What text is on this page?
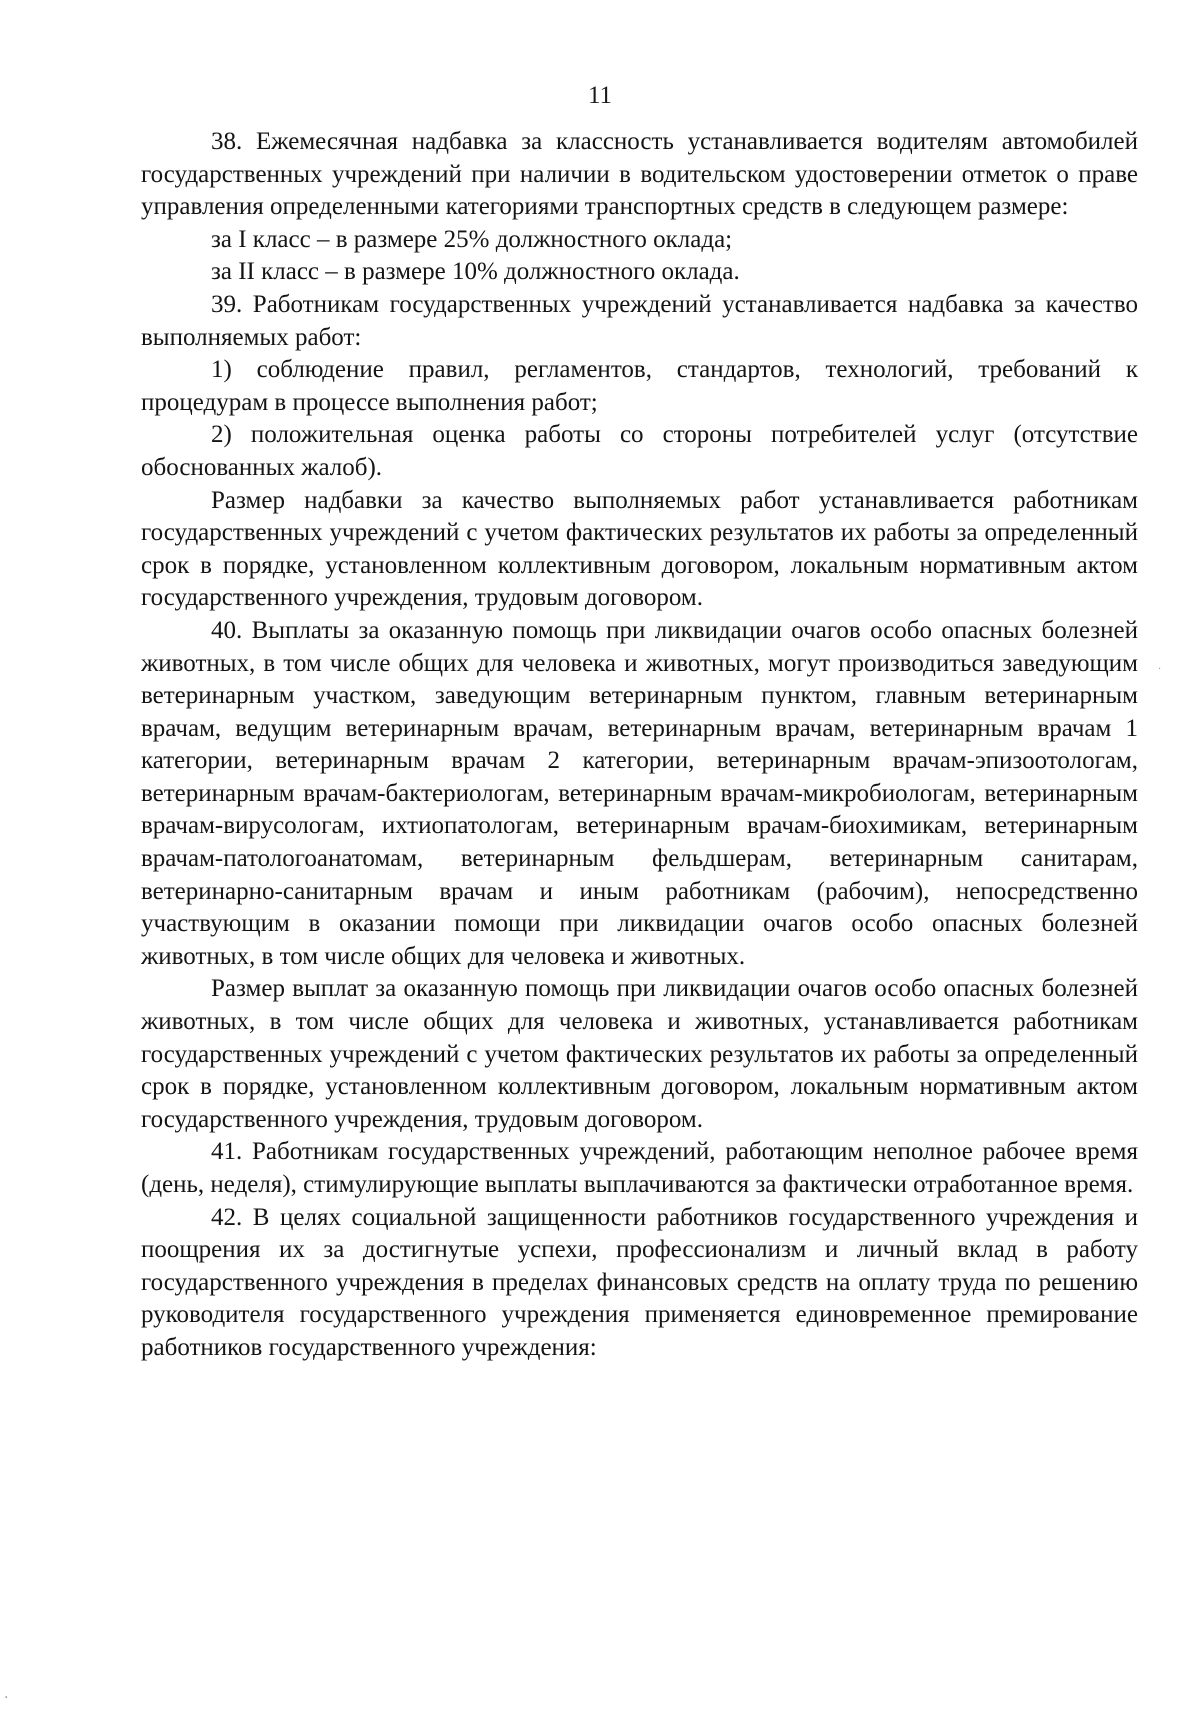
11

38. Ежемесячная надбавка за классность устанавливается водителям автомобилей государственных учреждений при наличии в водительском удостоверении отметок о праве управления определенными категориями транспортных средств в следующем размере:

за I класс – в размере 25% должностного оклада;

за II класс – в размере 10% должностного оклада.

39. Работникам государственных учреждений устанавливается надбавка за качество выполняемых работ:

1) соблюдение правил, регламентов, стандартов, технологий, требований к процедурам в процессе выполнения работ;

2) положительная оценка работы со стороны потребителей услуг (отсутствие обоснованных жалоб).

Размер надбавки за качество выполняемых работ устанавливается работникам государственных учреждений с учетом фактических результатов их работы за определенный срок в порядке, установленном коллективным договором, локальным нормативным актом государственного учреждения, трудовым договором.

40. Выплаты за оказанную помощь при ликвидации очагов особо опасных болезней животных, в том числе общих для человека и животных, могут производиться заведующим ветеринарным участком, заведующим ветеринарным пунктом, главным ветеринарным врачам, ведущим ветеринарным врачам, ветеринарным врачам, ветеринарным врачам 1 категории, ветеринарным врачам 2 категории, ветеринарным врачам-эпизоотологам, ветеринарным врачам-бактериологам, ветеринарным врачам-микробиологам, ветеринарным врачам-вирусологам, ихтиопатологам, ветеринарным врачам-биохимикам, ветеринарным врачам-патологоанатомам, ветеринарным фельдшерам, ветеринарным санитарам, ветеринарно-санитарным врачам и иным работникам (рабочим), непосредственно участвующим в оказании помощи при ликвидации очагов особо опасных болезней животных, в том числе общих для человека и животных.

Размер выплат за оказанную помощь при ликвидации очагов особо опасных болезней животных, в том числе общих для человека и животных, устанавливается работникам государственных учреждений с учетом фактических результатов их работы за определенный срок в порядке, установленном коллективным договором, локальным нормативным актом государственного учреждения, трудовым договором.

41. Работникам государственных учреждений, работающим неполное рабочее время (день, неделя), стимулирующие выплаты выплачиваются за фактически отработанное время.

42. В целях социальной защищенности работников государственного учреждения и поощрения их за достигнутые успехи, профессионализм и личный вклад в работу государственного учреждения в пределах финансовых средств на оплату труда по решению руководителя государственного учреждения применяется единовременное премирование работников государственного учреждения:

·
·
